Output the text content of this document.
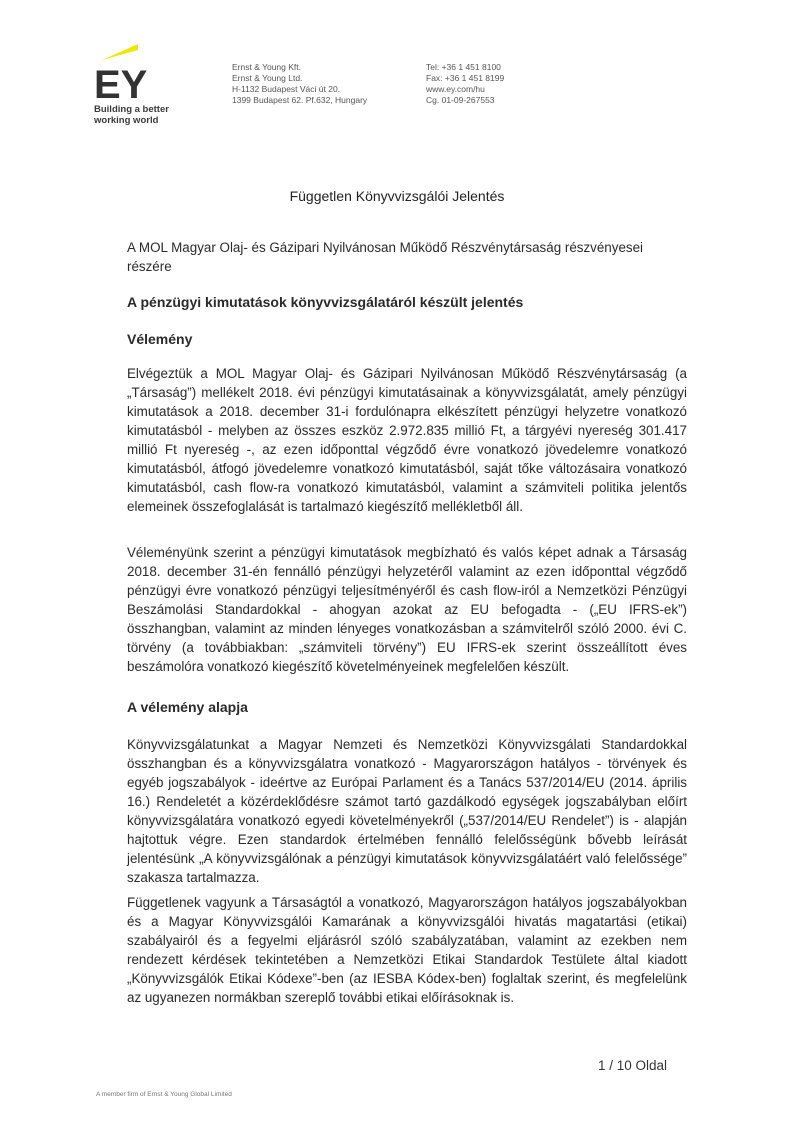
EY
Building a better
working world
Ernst & Young Kft.
Ernst & Young Ltd.
H-1132 Budapest Váci út 20.
1399 Budapest 62. Pf.632, Hungary
Tel: +36 1 451 8100
Fax: +36 1 451 8199
www.ey.com/hu
Cg. 01-09-267553
Független Könyvvizsgálói Jelentés
A MOL Magyar Olaj- és Gázipari Nyilvánosan Működő Részvénytársaság részvényesei részére
A pénzügyi kimutatások könyvvizsgálatáról készült jelentés
Vélemény

Elvégeztük a MOL Magyar Olaj- és Gázipari Nyilvánosan Működő Részvénytársaság (a „Társaság”) mellékelt 2018. évi pénzügyi kimutatásainak a könyvvizsgálatát, amely pénzügyi kimutatások a 2018. december 31-i fordulónapra elkészített pénzügyi helyzetre vonatkozó kimutatásból - melyben az összes eszköz 2.972.835 millió Ft, a tárgyévi nyereség 301.417 millió Ft nyereség -, az ezen időponttal végződő évre vonatkozó jövedelemre vonatkozó kimutatásból, átfogó jövedelemre vonatkozó kimutatásból, saját tőke változásaira vonatkozó kimutatásból, cash flow-ra vonatkozó kimutatásból, valamint a számviteli politika jelentős elemeinek összefoglalását is tartalmazó kiegészítő mellékletből áll.

Véleményünk szerint a pénzügyi kimutatások megbízható és valós képet adnak a Társaság 2018. december 31-én fennálló pénzügyi helyzetéről valamint az ezen időponttal végződő pénzügyi évre vonatkozó pénzügyi teljesítményéről és cash flow-iról a Nemzetközi Pénzügyi Beszámolási Standardokkal - ahogyan azokat az EU befogadta - („EU IFRS-ek”) összhangban, valamint az minden lényeges vonatkozásban a számvitelről szóló 2000. évi C. törvény (a továbbiakban: „számviteli törvény”) EU IFRS-ek szerint összeállított éves beszámolóra vonatkozó kiegészítő követelményeinek megfelelően készült.

A vélemény alapja

Könyvvizsgálatunkat a Magyar Nemzeti és Nemzetközi Könyvvizsgálati Standardokkal összhangban és a könyvvizsgálatra vonatkozó - Magyarországon hatályos - törvények és egyéb jogszabályok - ideértve az Európai Parlament és a Tanács 537/2014/EU (2014. április 16.) Rendeletét a közérdeklődésre számot tartó gazdálkodó egységek jogszabályban előírt könyvvizsgálatára vonatkozó egyedi követelményekről („537/2014/EU Rendelet”) is - alapján hajtottuk végre. Ezen standardok értelmében fennálló felelősségünk bővebb leírását jelentésünk „A könyvvizsgálónak a pénzügyi kimutatások könyvvizsgálatáért való felelőssége” szakasza tartalmazza.

Függetlenek vagyunk a Társaságtól a vonatkozó, Magyarországon hatályos jogszabályokban és a Magyar Könyvvizsgálói Kamarának a könyvvizsgálói hivatás magatartási (etikai) szabályairól és a fegyelmi eljárásról szóló szabályzatában, valamint az ezekben nem rendezett kérdések tekintetében a Nemzetközi Etikai Standardok Testülete által kiadott „Könyvvizsgálók Etikai Kódexe”-ben (az IESBA Kódex-ben) foglaltak szerint, és megfelelünk az ugyanezen normákban szereplő további etikai előírásoknak is.

1 / 10 Oldal
A member firm of Ernst & Young Global Limited
